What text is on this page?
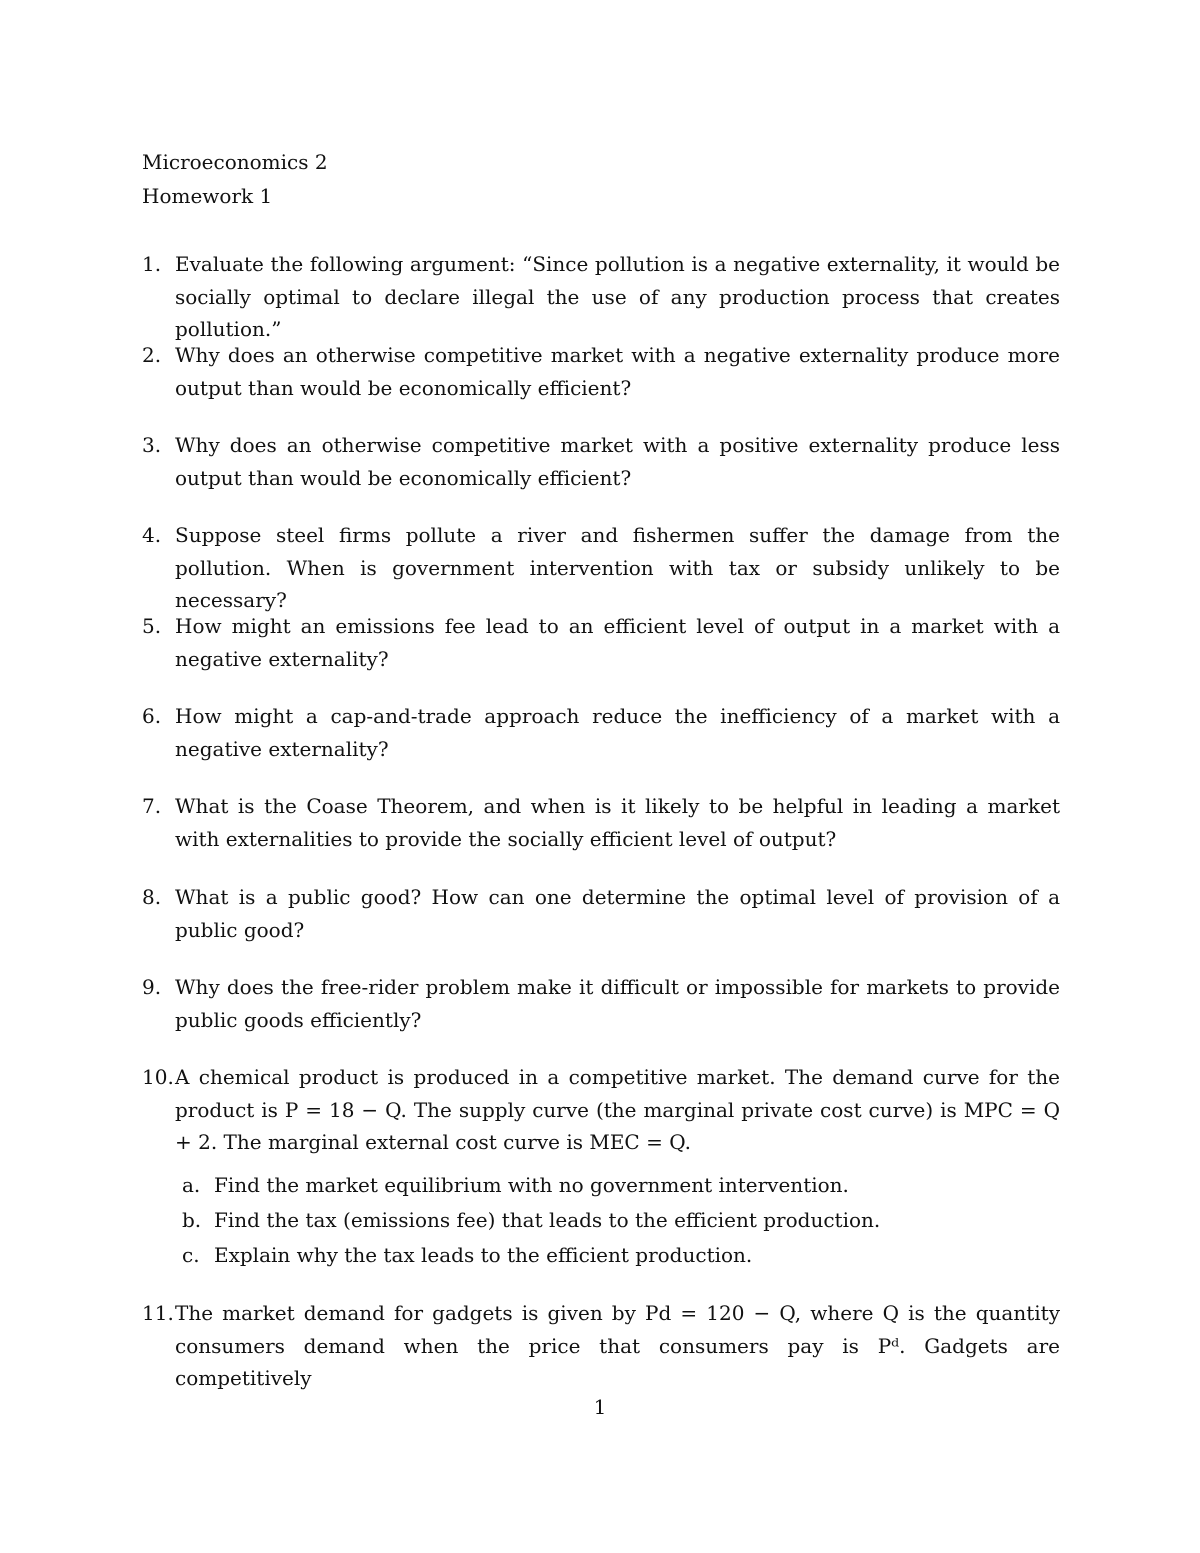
Microeconomics 2
Homework 1
1. Evaluate the following argument: “Since pollution is a negative externality, it would be socially optimal to declare illegal the use of any production process that creates pollution.”
2. Why does an otherwise competitive market with a negative externality produce more output than would be economically efficient?
3. Why does an otherwise competitive market with a positive externality produce less output than would be economically efficient?
4. Suppose steel firms pollute a river and fishermen suffer the damage from the pollution. When is government intervention with tax or subsidy unlikely to be necessary?
5. How might an emissions fee lead to an efficient level of output in a market with a negative externality?
6. How might a cap-and-trade approach reduce the inefficiency of a market with a negative externality?
7. What is the Coase Theorem, and when is it likely to be helpful in leading a market with externalities to provide the socially efficient level of output?
8. What is a public good? How can one determine the optimal level of provision of a public good?
9. Why does the free-rider problem make it difficult or impossible for markets to provide public goods efficiently?
10. A chemical product is produced in a competitive market. The demand curve for the product is P = 18 − Q. The supply curve (the marginal private cost curve) is MPC = Q + 2. The marginal external cost curve is MEC = Q.
a. Find the market equilibrium with no government intervention.
b. Find the tax (emissions fee) that leads to the efficient production.
c. Explain why the tax leads to the efficient production.
11. The market demand for gadgets is given by Pd = 120 − Q, where Q is the quantity consumers demand when the price that consumers pay is Pᵈ. Gadgets are competitively
1
